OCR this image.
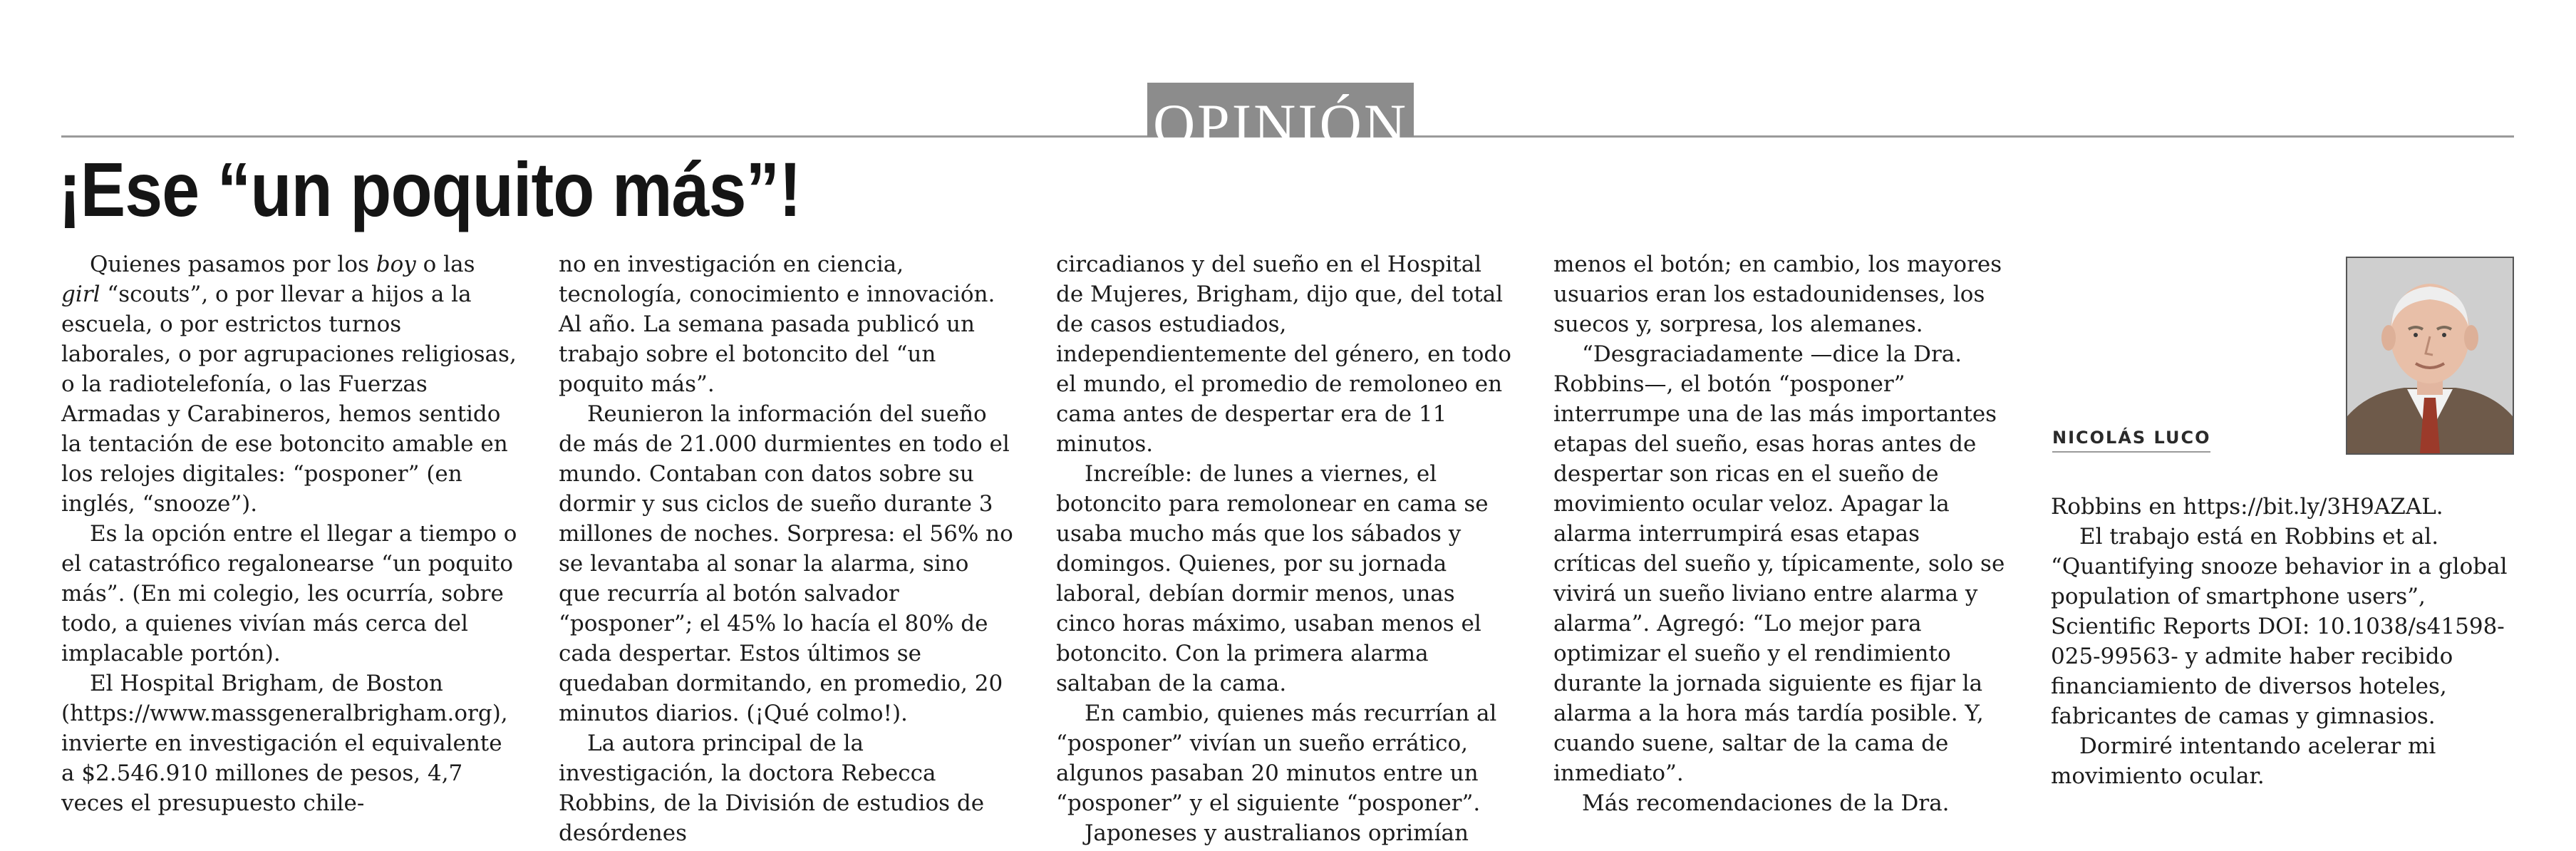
OPINIÓN
¡Ese “un poquito más”!

Quienes pasamos por los boy o las girl “scouts”, o por llevar a hijos a la escuela, o por estrictos turnos laborales, o por agrupaciones religiosas, o la radiotelefonía, o las Fuerzas Armadas y Carabineros, hemos sentido la tentación de ese botoncito amable en los relojes digitales: “posponer” (en inglés, “snooze”).

Es la opción entre el llegar a tiempo o el catastrófico regalonearse “un poquito más”. (En mi colegio, les ocurría, sobre todo, a quienes vivían más cerca del implacable portón).

El Hospital Brigham, de Boston (https://www.massgeneralbrigham.org), invierte en investigación el equivalente a $2.546.910 millones de pesos, 4,7 veces el presupuesto chile-

no en investigación en ciencia, tecnología, conocimiento e innovación. Al año. La semana pasada publicó un trabajo sobre el botoncito del “un poquito más”.

Reunieron la información del sueño de más de 21.000 durmientes en todo el mundo. Contaban con datos sobre su dormir y sus ciclos de sueño durante 3 millones de noches. Sorpresa: el 56% no se levantaba al sonar la alarma, sino que recurría al botón salvador “posponer”; el 45% lo hacía el 80% de cada despertar. Estos últimos se quedaban dormitando, en promedio, 20 minutos diarios. (¡Qué colmo!).

La autora principal de la investigación, la doctora Rebecca Robbins, de la División de estudios de desórdenes

circadianos y del sueño en el Hospital de Mujeres, Brigham, dijo que, del total de casos estudiados, independientemente del género, en todo el mundo, el promedio de remoloneo en cama antes de despertar era de 11 minutos.

Increíble: de lunes a viernes, el botoncito para remolonear en cama se usaba mucho más que los sábados y domingos. Quienes, por su jornada laboral, debían dormir menos, unas cinco horas máximo, usaban menos el botoncito. Con la primera alarma saltaban de la cama.

En cambio, quienes más recurrían al “posponer” vivían un sueño errático, algunos pasaban 20 minutos entre un “posponer” y el siguiente “posponer”.

Japoneses y australianos oprimían

menos el botón; en cambio, los mayores usuarios eran los estadounidenses, los suecos y, sorpresa, los alemanes.

“Desgraciadamente —dice la Dra. Robbins—, el botón “posponer” interrumpe una de las más importantes etapas del sueño, esas horas antes de despertar son ricas en el sueño de movimiento ocular veloz. Apagar la alarma interrumpirá esas etapas críticas del sueño y, típicamente, solo se vivirá un sueño liviano entre alarma y alarma”. Agregó: “Lo mejor para optimizar el sueño y el rendimiento durante la jornada siguiente es fijar la alarma a la hora más tardía posible. Y, cuando suene, saltar de la cama de inmediato”.

Más recomendaciones de la Dra.

NICOLÁS LUCO

Robbins en https://bit.ly/3H9AZAL.

El trabajo está en Robbins et al. “Quantifying snooze behavior in a global population of smartphone users”, Scientific Reports DOI: 10.1038/s41598-025-99563- y admite haber recibido financiamiento de diversos hoteles, fabricantes de camas y gimnasios.

Dormiré intentando acelerar mi movimiento ocular.
